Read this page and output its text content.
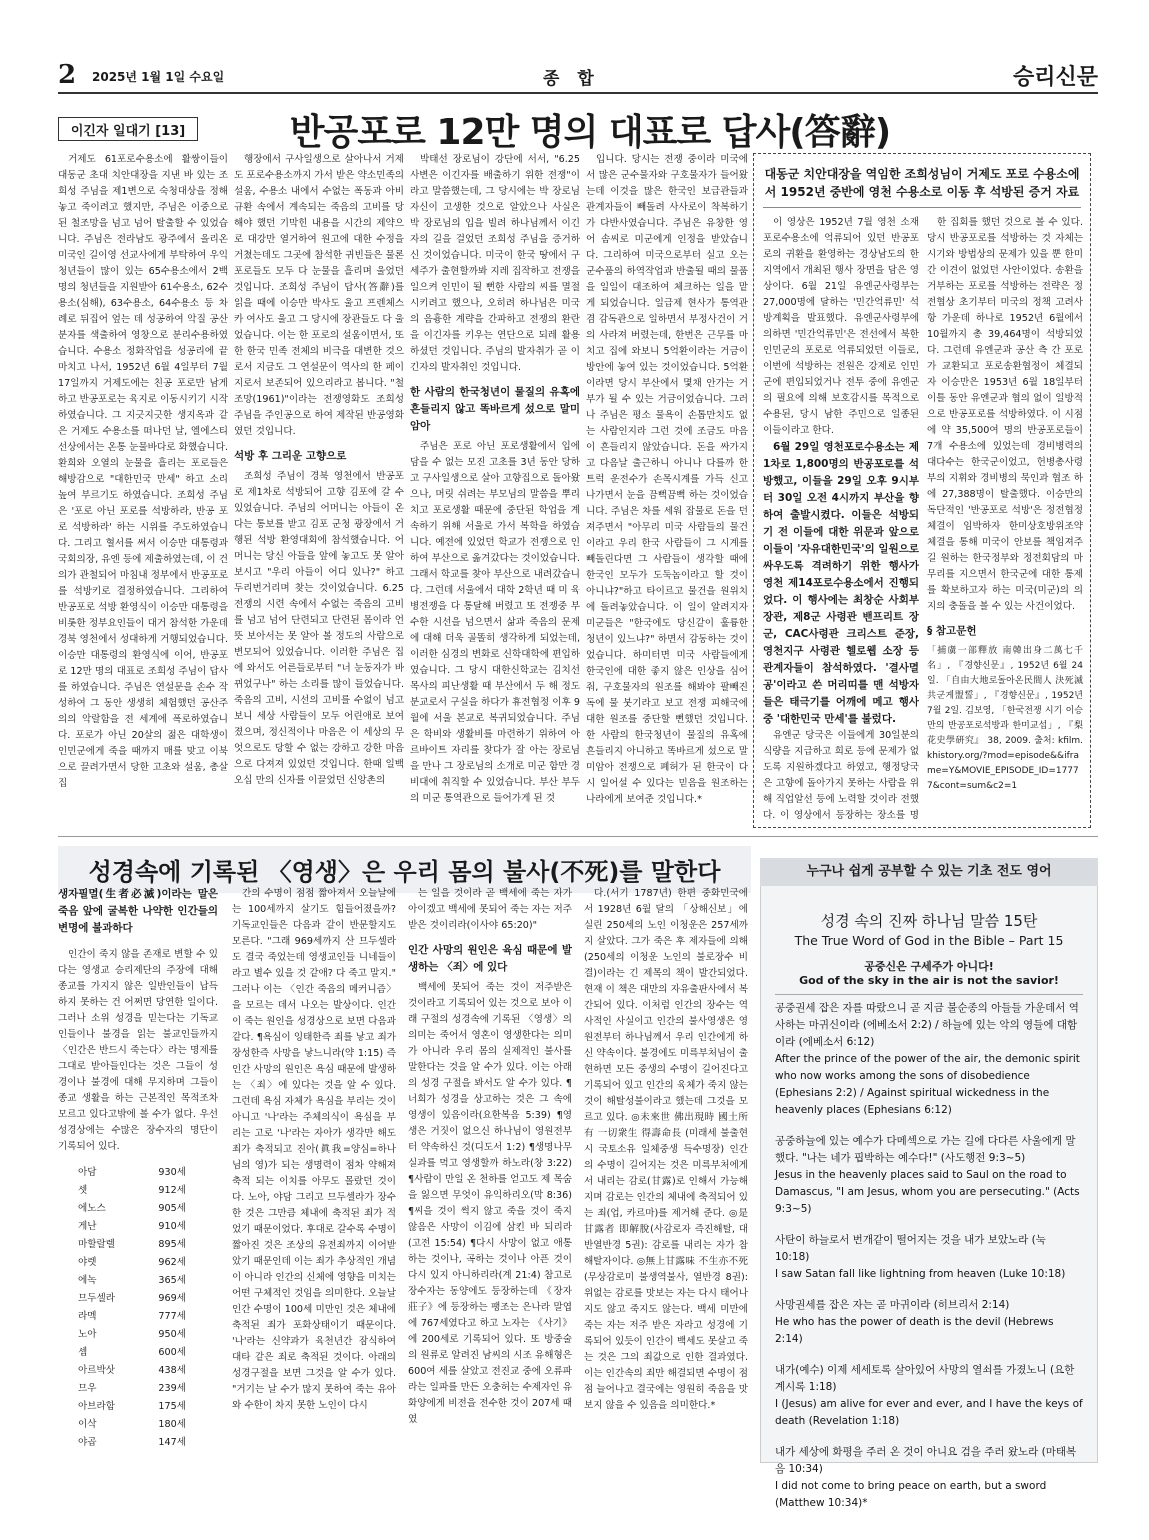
2 2025년 1월 1일 수요일	종 합	승리신문
이긴자 일대기 [13]	반공포로 12만 명의 대표로 답사(答辭)

거제도 61포로수용소에 활쌍이들이 대동군 초대 치안대장을 지낸 바 있는 조희성 주님을 제1변으로 숙청대상을 정해놓고 죽이려고 했지만, 주님은 이중으로 된 철조망을 넘고 넘어 탈출할 수 있었습니다. 주님은 전라남도 광주에서 올리온 미국인 길이영 선교사에게 부탁하여 우익청년들이 많이 있는 65수용소에서 2백 명의 청년들을 지원받아 61수용소, 62수용소(심해), 63수용소, 64수용소 등 차례로 뒤집어 엎는 데 성공하여 악질 공산분자를 색출하여 영창으로 분리수용하였습니다. 수용소 정화작업을 성공리에 끝마치고 나서, 1952년 6월 4일부터 7월 17일까지 거제도에는 친공 포로만 남게 하고 반공포로는 육지로 이동시키기 시작하였습니다. 그 지긋지긋한 생지옥과 같은 거제도 수용소를 떠나던 날, 엘에스티 선상에서는 온통 눈물바다로 화했습니다. 환희와 오열의 눈물을 흘리는 포로들은 해방감으로 "대한민국 만세" 하고 소리 높여 부르기도 하였습니다. 조희성 주님은 '포로 아닌 포로를 석방하라, 반공 포로 석방하라' 하는 시위를 주도하였습니다. 그리고 혈서를 써서 이승만 대통령과 국회의장, 유엔 등에 제출하였는데, 이 건의가 관철되어 마침내 정부에서 반공포로를 석방키로 결정하였습니다. 그리하여 반공포로 석방 환영식이 이승만 대통령을 비롯한 정부요인들이 대거 참석한 가운데 경북 영천에서 성대하게 거행되었습니다. 이승만 대통령의 환영식에 이어, 반공포로 12만 명의 대표로 조희성 주님이 답사를 하였습니다. 주님은 연설문을 손수 작성하여 그 동안 생생히 체험했던 공산주의의 악랄함을 전 세계에 폭로하였습니다. 포로가 아닌 20살의 젊은 대학생이 인민군에게 죽을 때까지 매를 맞고 이북으로 끌려가면서 당한 고초와 설움, 총살 집

행장에서 구사일생으로 살아나서 거제도 포로수용소까지 가서 받은 약소민족의 설움, 수용소 내에서 수없는 폭동과 아비규환 속에서 계속되는 죽음의 고비를 당해야 했던 기막힌 내용을 시간의 제약으로 대강만 열거하여 원고에 대한 수정을 거쳤는데도 그곳에 참석한 귀빈들은 물론 포로들도 모두 다 눈물을 흘리며 울었던 것입니다. 조희성 주님이 답사(答辭)를 읽을 때에 이승만 박사도 울고 프렌체스카 여사도 울고 그 당시에 장관들도 다 울었습니다. 이는 한 포로의 설움이면서, 또한 한국 민족 전체의 비극을 대변한 것으로서 지금도 그 연설문이 역사의 한 페이지로서 보존되어 있으리라고 봅니다. "철조망(1961)"이라는 전쟁영화도 조희성 주님을 주인공으로 하여 제작된 반공영화였던 것입니다.

석방 후 그리운 고향으로

조희성 주님이 경북 영천에서 반공포로 제1차로 석방되어 고향 김포에 갈 수 있었습니다. 주님의 어머니는 아들이 온다는 통보를 받고 김포 군청 광장에서 거행된 석방 환영대회에 참석했습니다. 어머니는 당신 아들을 앞에 놓고도 못 알아보시고 "우리 아들이 어디 있나?" 하고 두리번거리며 찾는 것이었습니다. 6.25전쟁의 시련 속에서 수없는 죽음의 고비를 넘고 넘어 단련되고 단련된 몸이라 언뜻 보아서는 못 알아 볼 정도의 사람으로 변모되어 있었습니다. 이러한 주님은 집에 와서도 어른들로부터 "너 눈동자가 바뀌었구나" 하는 소리를 많이 들었습니다. 죽음의 고비, 시선의 고비를 수없이 넘고 보니 세상 사람들이 모두 어린애로 보여졌으며, 정신적이나 마음은 이 세상의 무엇으로도 당할 수 없는 강하고 강한 마음으로 다져져 있었던 것입니다. 한때 일백오십 만의 신자를 이끌었던 신앙촌의

박태선 장로님이 강단에 서서, "6.25사변은 이긴자를 배출하기 위한 전쟁"이라고 말씀했는데, 그 당시에는 박 장로님 자신이 고생한 것으로 알았으나 사실은 박 장로님의 입을 빌려 하나님께서 이긴자의 길을 걸었던 조희성 주님을 증거하신 것이었습니다. 미국이 한국 땅에서 구세주가 출현할까봐 지레 집작하고 전쟁을 일으켜 인민이 될 뻔한 사람의 씨를 멸절시키려고 했으나, 오히려 하나님은 미국의 음흉한 계략을 간파하고 전쟁의 환란을 이긴자를 키우는 연단으로 되레 활용하셨던 것입니다. 주님의 발자취가 곧 이긴자의 발자취인 것입니다.

한 사람의 한국청년이 물질의 유혹에 흔들리지 않고 똑바르게 섰으로 말미암아

주님은 포로 아닌 포로생활에서 입에 담을 수 없는 모진 고초를 3년 동안 당하고 구사일생으로 살아 고향집으로 돌아왔으나, 머릿 쉬려는 부모님의 말씀을 뿌리치고 포로생활 때문에 중단된 학업을 계속하기 위해 서울로 가서 복학을 하였습니다. 예전에 있었던 학교가 전쟁으로 인하여 부산으로 옮겨갔다는 것이었습니다. 그래서 학교를 찾아 부산으로 내려갔습니다. 그런데 서울에서 대학 2학년 때 미 육병전쟁을 다 통달해 버렸고 또 전쟁중 부수한 시선을 넘으면서 삶과 죽음의 문제에 대해 더욱 골똘히 생각하게 되었는데, 이러한 심경의 변화로 신학대학에 편입하였습니다. 그 당시 대한신학교는 김치선 목사의 피난생활 때 부산에서 두 해 정도 분교로서 구실을 하다가 휴전협정 이후 9월에 서울 본교로 복귀되었습니다. 주님은 학비와 생활비를 마련하기 위하여 아르바이트 자리를 찾다가 잘 아는 장로님을 만나 그 장로님의 소개로 미군 함만 경비대에 취직할 수 있었습니다. 부산 부두의 미군 통역관으로 들어가게 된 것

입니다. 당시는 전쟁 중이라 미국에서 많은 군수물자와 구호물자가 들어왔는데 이것을 많은 한국인 보급관들과 관계자들이 빼돌려 사사로이 착복하기가 다반사였습니다. 주님은 유창한 영어 솜씨로 미군에게 인정을 받았습니다. 그리하여 미국으로부터 실고 오는 군수품의 하역작업과 반출될 때의 물품을 일일이 대조하여 체크하는 일을 맡게 되었습니다. 일급제 현사가 통역관 겸 감독관으로 일하면서 부정사건이 거의 사라져 버렸는데, 한번은 근무를 마치고 집에 와보니 5억환이라는 거금이 방안에 놓여 있는 것이었습니다. 5억환이라면 당시 부산에서 몇채 안가는 거부가 될 수 있는 거금이었습니다. 그러나 주님은 평소 물욕이 손톱만치도 없는 사람인지라 그런 것에 조금도 마음이 흔들리지 않았습니다. 돈을 싸가지고 다음날 출근하니 아니나 다를까 한 트럭 운전수가 손목시계를 가득 신고 나가면서 눈을 끔뻑끔뻑 하는 것이었습니다. 주님은 차를 세워 잡물로 돈을 던져주면서 "아무리 미국 사람들의 물건이라고 우리 한국 사람들이 그 시계를 빼돌린다면 그 사람들이 생각할 때에 한국인 모두가 도둑놈이라고 할 것이 아니냐?"하고 타이르고 물건을 원위치에 돌려놓았습니다. 이 일이 알려지자 미군들은 "한국에도 당신같이 훌륭한 청년이 있느냐?" 하면서 감동하는 것이었습니다. 하미터면 미국 사람들에게 한국인에 대한 좋지 않은 인상을 심어줘, 구호물자의 원조를 해봐야 팔빼진 독에 물 붓기라고 보고 전쟁 피해국에 대한 원조를 중단할 뻔했던 것입니다. 한 사람의 한국청년이 물질의 유혹에 흔들리지 아니하고 똑바르게 섰으로 말미암아 전쟁으로 폐허가 된 한국이 다시 일어설 수 있다는 믿음을 원조하는 나라에게 보여준 것입니다.*

대동군 치안대장을 역임한 조희성님이 거제도 포로 수용소에서 1952년 중반에 영천 수용소로 이동 후 석방된 증거 자료

이 영상은 1952년 7월 영천 소재 포로수용소에 억류되어 있던 반공포로의 귀환을 환영하는 경상남도의 한 지역에서 개최된 행사 장면을 담은 영상이다. 6월 21일 유엔군사령부는 27,000명에 달하는 '민간억류민' 석방계획을 발표했다. 유엔군사령부에 의하면 '민간억류민'은 전선에서 북한인민군의 포로로 억류되었던 이들로, 이번에 석방하는 전원은 강제로 인민군에 편입되었거나 전투 중에 유엔군의 필요에 의해 보호감시를 목적으로 수용된, 당시 남한 주민으로 일종된 이들이라고 한다.

6월 29일 영천포로수용소는 제1차로 1,800명의 반공포로를 석방했고, 이들을 29일 오후 9시부터 30일 오전 4시까지 부산을 향하여 출발시켰다. 이들은 석방되기 전 이들에 대한 위문과 앞으로 이들이 '자유대한민국'의 일원으로 싸우도록 격려하기 위한 행사가 영천 제14포로수용소에서 진행되었다. 이 행사에는 최창순 사회부장관, 제8군 사령관 밴프리트 장군, CAC사령관 크리스트 준장, 영천지구 사령관 헬로웹 소장 등 관계자들이 참석하였다. '결사멸공'이라고 쓴 머리띠를 맨 석방자들은 태극기를 어깨에 메고 행사 중 '대한민국 만세'를 불렀다.

유엔군 당국은 이들에게 30일분의 식량을 지급하고 희로 등에 문제가 없도록 지원하겠다고 하였고, 행정당국은 고향에 돌아가지 못하는 사람을 위해 직업알선 등에 노력할 것이라 전했다. 이 영상에서 등장하는 장소를 명

한 집회를 했던 것으로 볼 수 있다. 당시 반공포로를 석방하는 것 자체는 시기와 방법상의 문제가 있을 뿐 한미 간 이견이 없었던 사안이었다. 송환을 거부하는 포로를 석방하는 전략은 정전협상 초기부터 미국의 정책 고려사항 가운데 하나로 1952년 6월에서 10월까지 총 39,464명이 석방되었다. 그런데 유엔군과 공산 측 간 포로가 교환되고 포로송환협정이 체결되자 이승만은 1953년 6월 18일부터 이틀 동안 유엔군과 협의 없이 일방적으로 반공포로를 석방하였다. 이 시점에 약 35,500여 명의 반공포로들이 7개 수용소에 있었는데 경비병력의 대다수는 한국군이었고, 헌병총사령부의 지휘와 경비병의 묵인과 협조 하에 27,388명이 탈출했다. 이승만의 독단적인 '반공포로 석방'은 정전협정 체결이 임박하자 한미상호방위조약 체결을 통해 미국이 안보를 책임져주길 원하는 한국정부와 정전회담의 마무리를 지으면서 한국군에 대한 통제를 확보하고자 하는 미국(미군)의 의지의 충돌을 볼 수 있는 사건이었다.

§ 참고문헌

「捕虜一部釋放 南韓出身二萬七千名」, 『경향신문』, 1952년 6월 24일. 「自由大地로돌아온民間人 決死滅共군게盟誓」, 『경향신문』, 1952년 7월 2일. 김보영, 「한국전쟁 시기 이승만의 반공포로석방과 한미교섭」, 『梨花史學硏究』 38, 2009. 출처: kfilm.khistory.org/?mod=episode&&iframe=Y&MOVIE_EPISODE_ID=17777&cont=sum&c2=1

성경속에 기록된 〈영생〉은 우리 몸의 불사(不死)를 말한다

생자필멸(生者必滅)이라는 말은 죽음 앞에 굴복한 나약한 인간들의 변명에 불과하다

인간이 죽지 않을 존재로 변할 수 있다는 영생교 승리제단의 주장에 대해 종교를 가지지 않은 일반인들이 납득하지 못하는 건 어쩌면 당연한 일이다. 그러나 소위 성경을 믿는다는 기독교인들이나 불경을 읽는 불교인들까지 〈인간은 반드시 죽는다〉라는 명제를 그대로 받아들인다는 것은 그들이 성경이나 불경에 대해 무지하며 그들이 종교 생활을 하는 근본적인 목적조차 모르고 있다고밖에 볼 수가 없다. 우선 성경상에는 수많은 장수자의 명단이 기록되어 있다.

아담	930세
셋	912세
에노스	905세
게난	910세
마할랄렐	895세
야렛	962세
에녹	365세
므두셀라	969세
라멕	777세
노아	950세
셈	600세
아르박삿	438세
므우	239세
아브라함	175세
이삭	180세
야곱	147세

간의 수명이 점점 짧아져서 오늘날에는 100세까지 살기도 힘들어졌을까? 기독교인들은 다음과 같이 반문할지도 모른다. "그래 969세까지 산 므두셀라도 결국 죽었는데 영생교인들 니네들이라고 별수 있을 것 같애? 다 죽고 말지." 그러나 이는 〈인간 죽음의 메커니즘〉을 모르는 데서 나오는 발상이다. 인간이 죽는 원인을 성경상으로 보면 다음과 같다. ¶욕심이 잉태한즉 죄를 낳고 죄가 장성한즉 사망을 낳느니라(약 1:15) 즉 인간 사망의 원인은 욕심 때문에 발생하는 〈죄〉에 있다는 것을 알 수 있다. 그런데 욕심 자체가 욕심을 부리는 것이 아니고 '나'라는 주체의식이 욕심을 부리는 고로 '나'라는 자아가 생각만 해도 죄가 축적되고 진아(眞我=양심=하나님의 영)가 되는 생명력이 점차 약해져 축적 되는 이치를 아무도 몰랐던 것이다. 노아, 야담 그리고 므두셀라가 장수한 것은 그만큼 체내에 축적된 죄가 적었기 때문이었다. 후대로 갈수록 수명이 짧아진 것은 조상의 유전죄까지 이어받았기 때문인데 이는 죄가 추상적인 개념이 아니라 인간의 신체에 영향을 미치는 어떤 구체적인 것임을 의미한다. 오늘날 인간 수명이 100세 미만인 것은 체내에 축적된 죄가 포화상태이기 때문이다. '나'라는 신약과가 육천년간 잠식하여 대타 같은 죄로 축적된 것이다. 아래의 성경구절을 보면 그것을 알 수가 있다. "거기는 날 수가 많지 못하여 죽는 유아와 수한이 차지 못한 노인이 다시

는 일을 것이라 곧 백세에 죽는 자가 아이겠고 백세에 못되어 죽는 자는 저주받은 것이리라(이사야 65:20)"

인간 사망의 원인은 육심 때문에 발생하는 〈죄〉에 있다

백세에 못되어 죽는 것이 저주받은 것이라고 기록되어 있는 것으로 보아 이래 구절의 성경속에 기록된 〈영생〉의 의미는 죽어서 영혼이 영생한다는 의미가 아니라 우리 몸의 실제적인 불사를 말한다는 것을 알 수가 있다. 이는 아래의 성경 구절을 봐서도 알 수가 있다. ¶너희가 성경을 상고하는 것은 그 속에 영생이 있음이라(요한복음 5:39) ¶영생은 거짓이 없으신 하나님이 영원전부터 약속하신 것(디도서 1:2) ¶생명나무 실과를 먹고 영생할까 하노라(창 3:22) ¶사람이 만일 온 천하를 얻고도 제 목숨을 잃으면 무엇이 유익하리오(막 8:36) ¶씨을 것이 썩지 않고 죽을 것이 죽지 않음은 사망이 이김에 삼킨 바 되리라(고전 15:54) ¶다시 사망이 없고 애통하는 것이나, 곡하는 것이나 아픈 것이 다시 있지 아니하리라(계 21:4) 참고로 장수자는 동양에도 등장하는데 《장자莊子》에 등장하는 팽조는 은나라 말엽에 767세였다고 하고 노자는 《사기》에 200세로 기록되어 있다. 또 방중술의 원류로 알려진 남씨의 시조 유해형은 600여 세를 살았고 전진교 중에 오류파라는 일파를 만든 오충허는 수제자인 유화양에게 비전을 전수한 것이 207세 때였

다.(서기 1787년) 한편 중화민국에서 1928년 6월 달의 「상해신보」에 실린 250세의 노인 이청운은 257세까지 살았다. 그가 죽은 후 제자들에 의해 (250세의 이청운 노인의 불로장수 비결)이라는 긴 제목의 책이 발간되었다. 현재 이 책은 대만의 자유출판사에서 복간되어 있다. 이처럼 인간의 장수는 역사적인 사실이고 인간의 불사영생은 영원전부터 하나님께서 우리 인간에게 하신 약속이다. 불경에도 미륵부처님이 출현하면 모든 중생의 수명이 길어진다고 기록되어 있고 인간의 육체가 죽지 않는 것이 해탈성불이라고 했는데 그것을 모르고 있다. ◎未來世 佛出現時 國土所有 一切衆生 得壽命長 (미래세 불출현시 국토소유 일체중생 득수명장) 인간의 수명이 길어지는 것은 미륵부처에게서 내리는 감로(甘露)로 인해서 가능해지며 감로는 인간의 체내에 축적되어 있는 죄(업, 카르마)를 제거해 준다. ◎是甘露者 即解脫(사감로자 즉진해탈, 대반열반경 5권): 감로를 내리는 자가 참해탈자이다. ◎無上甘露味 不生亦不死(무상감로미 불생역불사, 열반경 8권): 위없는 감로를 맛보는 자는 다시 태어나지도 않고 죽지도 않는다. 백세 미만에 죽는 자는 저주 받은 자라고 성경에 기록되어 있듯이 인간이 백세도 못살고 죽는 것은 그의 죄값으로 인한 결과였다. 이는 인간속의 죄만 해결되면 수명이 점점 늘어나고 결국에는 영원히 죽음을 맛보지 않을 수 있음을 의미한다.*

누구나 쉽게 공부할 수 있는 기초 전도 영어
성경 속의 진짜 하나님 말씀 15탄
The True Word of God in the Bible – Part 15
공중신은 구세주가 아니다!
God of the sky in the air is not the savior!
공중권세 잡은 자를 따랐으니 곧 지금 불순종의 아들들 가운데서 역사하는 마귀신이라 (에베소서 2:2) / 하늘에 있는 악의 영들에 대함이라 (에베소서 6:12)
After the prince of the power of the air, the demonic spirit who now works among the sons of disobedience (Ephesians 2:2) / Against spiritual wickedness in the heavenly places (Ephesians 6:12)
공중하늘에 있는 예수가 다메섹으로 가는 길에 다다른 사울에게 말했다. "나는 네가 핍박하는 예수다!" (사도행전 9:3~5)
Jesus in the heavenly places said to Saul on the road to Damascus, "I am Jesus, whom you are persecuting." (Acts 9:3~5)
사탄이 하늘로서 번개같이 떨어지는 것을 내가 보았노라 (눅 10:18)
I saw Satan fall like lightning from heaven (Luke 10:18)
사망권세를 잡은 자는 곧 마귀이라 (히브리서 2:14)
He who has the power of death is the devil (Hebrews 2:14)
내가(예수) 이제 세세토록 살아있어 사망의 열쇠를 가졌노니 (요한계시록 1:18)
I (Jesus) am alive for ever and ever, and I have the keys of death (Revelation 1:18)
내가 세상에 화평을 주러 온 것이 아니요 검을 주러 왔노라 (마태복음 10:34)
I did not come to bring peace on earth, but a sword (Matthew 10:34)*
